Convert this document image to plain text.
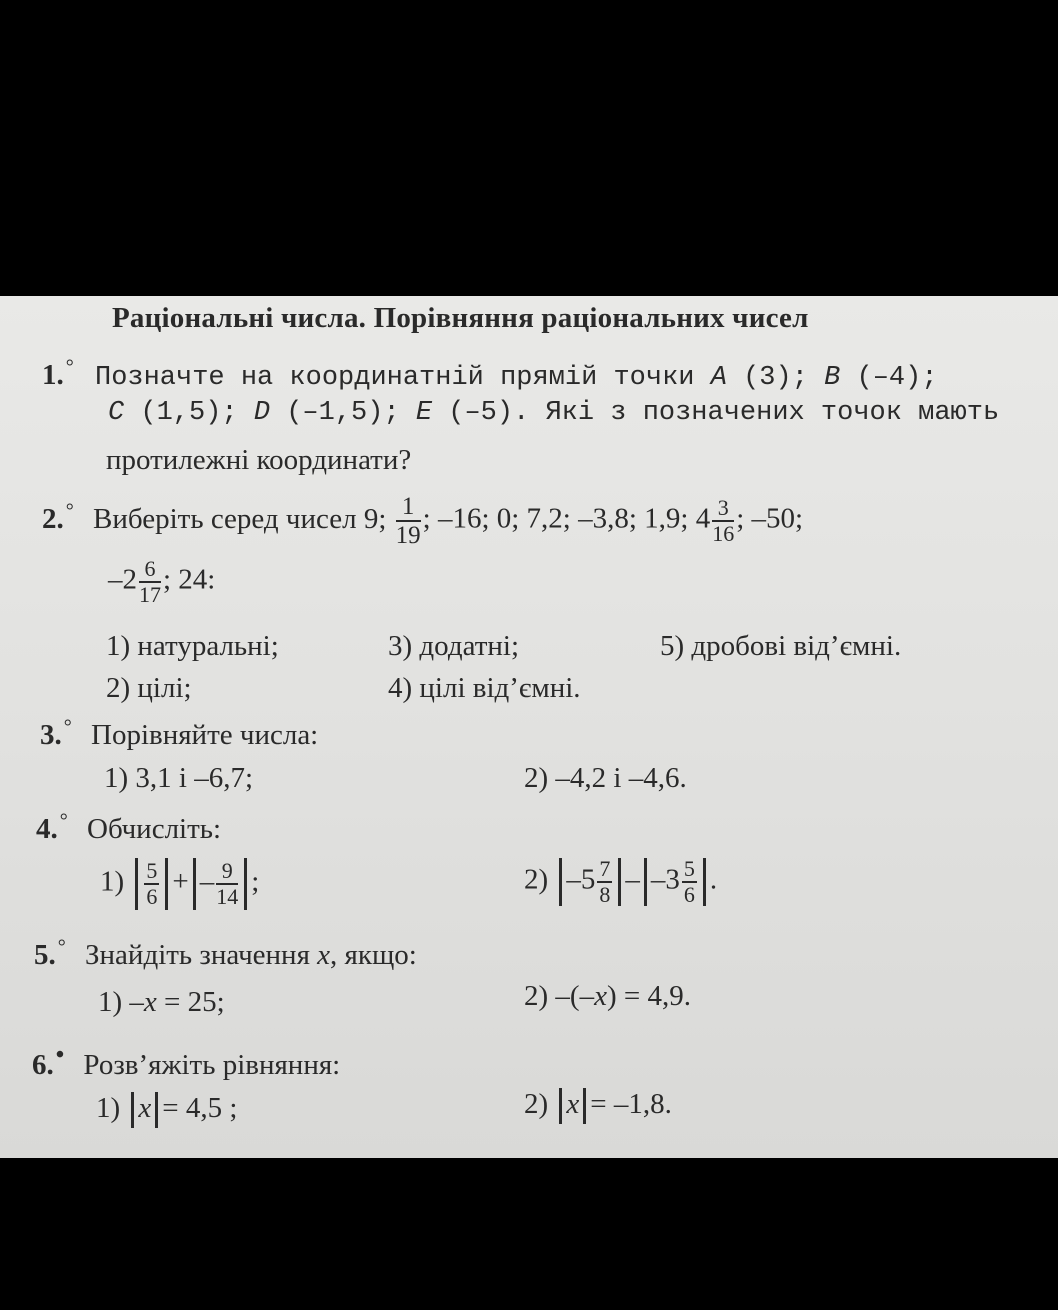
Раціональні числа. Порівняння раціональних чисел
1. ° Позначте на координатній прямій точки A (3); B (–4);
C (1,5); D (–1,5); E (–5). Які з позначених точок мають
протилежні координати?
2. ° Виберіть серед чисел 9; $\frac{1}{19}$ ; –16; 0; 7,2; –3,8; 1,9; $4 \frac{3}{16}$ ; –50;
$-2 \frac{6}{17}$ ; 24:
1) натуральні;	3) додатні;	5) дробові від’ємні.
2) цілі;	4) цілі від’ємні.
3. ° Порівняйте числа:
1) 3,1 і –6,7;	2) –4,2 і –4,6.
4. ° Обчисліть:
$1) \frac{5}{6}$ + – $\frac{9}{14}$ ;	2) $-5 \frac{7}{8} - -3 \frac{5}{6}$ .
5. ° Знайдіть значення x, якщо:
1) –x = 25;	2) –(–x) = 4,9.
6.• Розв’яжіть рівняння:
1) x = 4,5 ;	2) x = –1,8.
